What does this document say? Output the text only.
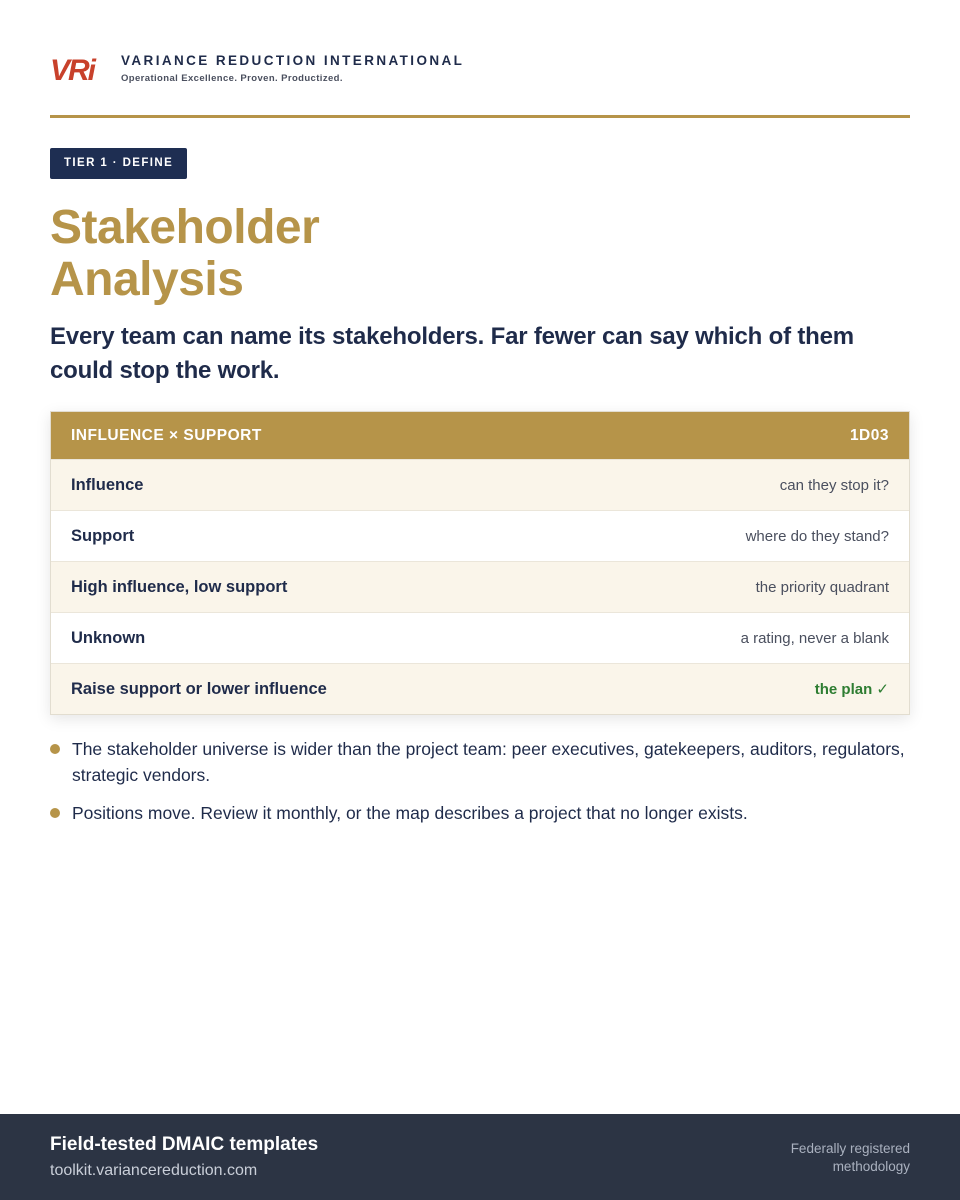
VRi VARIANCE REDUCTION INTERNATIONAL
Operational Excellence. Proven. Productized.
TIER 1 · DEFINE
Stakeholder
Analysis

Every team can name its stakeholders. Far fewer can say which of them could stop the work.

INFLUENCE × SUPPORT	1D03
Influence	can they stop it?
Support	where do they stand?
High influence, low support	the priority quadrant
Unknown	a rating, never a blank
Raise support or lower influence	the plan ✓
The stakeholder universe is wider than the project team: peer executives, gatekeepers, auditors, regulators, strategic vendors.
Positions move. Review it monthly, or the map describes a project that no longer exists.
Field-tested DMAIC templates
toolkit.variancereduction.com
Federally registered methodology
